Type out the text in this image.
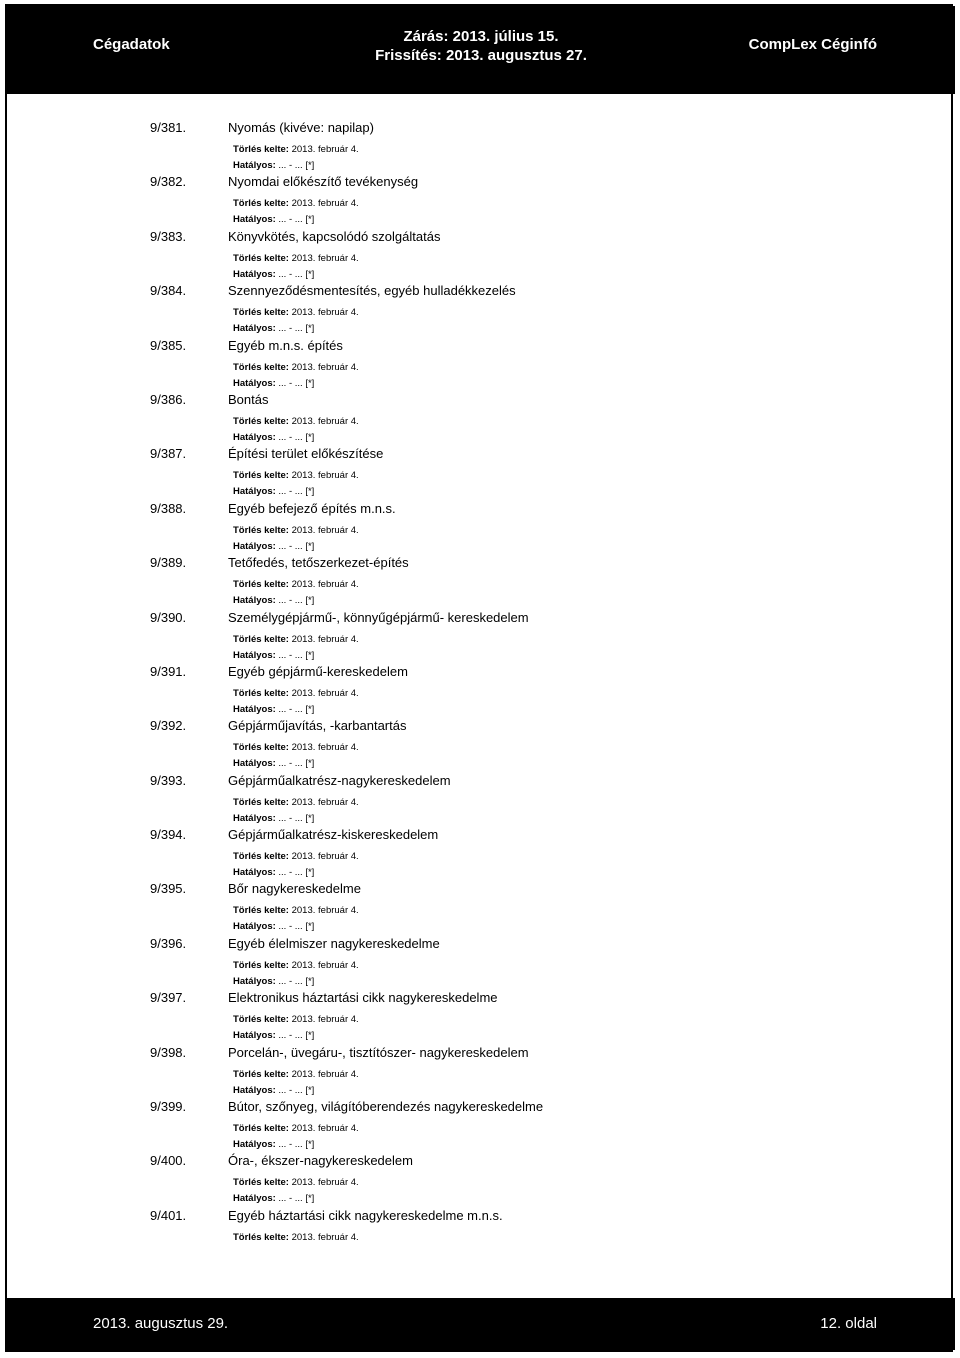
Cégadatok	Zárás: 2013. július 15.
Frissítés: 2013. augusztus 27.
CompLex Céginfó
9/381.	Nyomás (kivéve: napilap)
Törlés kelte: 2013. február 4.
Hatályos: ... - ... [*]
9/382.	Nyomdai előkészítő tevékenység
Törlés kelte: 2013. február 4.
Hatályos: ... - ... [*]
9/383.	Könyvkötés, kapcsolódó szolgáltatás
Törlés kelte: 2013. február 4.
Hatályos: ... - ... [*]
9/384.	Szennyeződésmentesítés, egyéb hulladékkezelés
Törlés kelte: 2013. február 4.
Hatályos: ... - ... [*]
9/385.	Egyéb m.n.s. építés
Törlés kelte: 2013. február 4.
Hatályos: ... - ... [*]
9/386.	Bontás
Törlés kelte: 2013. február 4.
Hatályos: ... - ... [*]
9/387.	Építési terület előkészítése
Törlés kelte: 2013. február 4.
Hatályos: ... - ... [*]
9/388.	Egyéb befejező építés m.n.s.
Törlés kelte: 2013. február 4.
Hatályos: ... - ... [*]
9/389.	Tetőfedés, tetőszerkezet-építés
Törlés kelte: 2013. február 4.
Hatályos: ... - ... [*]
9/390.	Személygépjármű-, könnyűgépjármű- kereskedelem
Törlés kelte: 2013. február 4.
Hatályos: ... - ... [*]
9/391.	Egyéb gépjármű-kereskedelem
Törlés kelte: 2013. február 4.
Hatályos: ... - ... [*]
9/392.	Gépjárműjavítás, -karbantartás
Törlés kelte: 2013. február 4.
Hatályos: ... - ... [*]
9/393.	Gépjárműalkatrész-nagykereskedelem
Törlés kelte: 2013. február 4.
Hatályos: ... - ... [*]
9/394.	Gépjárműalkatrész-kiskereskedelem
Törlés kelte: 2013. február 4.
Hatályos: ... - ... [*]
9/395.	Bőr nagykereskedelme
Törlés kelte: 2013. február 4.
Hatályos: ... - ... [*]
9/396.	Egyéb élelmiszer nagykereskedelme
Törlés kelte: 2013. február 4.
Hatályos: ... - ... [*]
9/397.	Elektronikus háztartási cikk nagykereskedelme
Törlés kelte: 2013. február 4.
Hatályos: ... - ... [*]
9/398.	Porcelán-, üvegáru-, tisztítószer- nagykereskedelem
Törlés kelte: 2013. február 4.
Hatályos: ... - ... [*]
9/399.	Bútor, szőnyeg, világítóberendezés nagykereskedelme
Törlés kelte: 2013. február 4.
Hatályos: ... - ... [*]
9/400.	Óra-, ékszer-nagykereskedelem
Törlés kelte: 2013. február 4.
Hatályos: ... - ... [*]
9/401.	Egyéb háztartási cikk nagykereskedelme m.n.s.
Törlés kelte: 2013. február 4.
2013. augusztus 29.	12. oldal
